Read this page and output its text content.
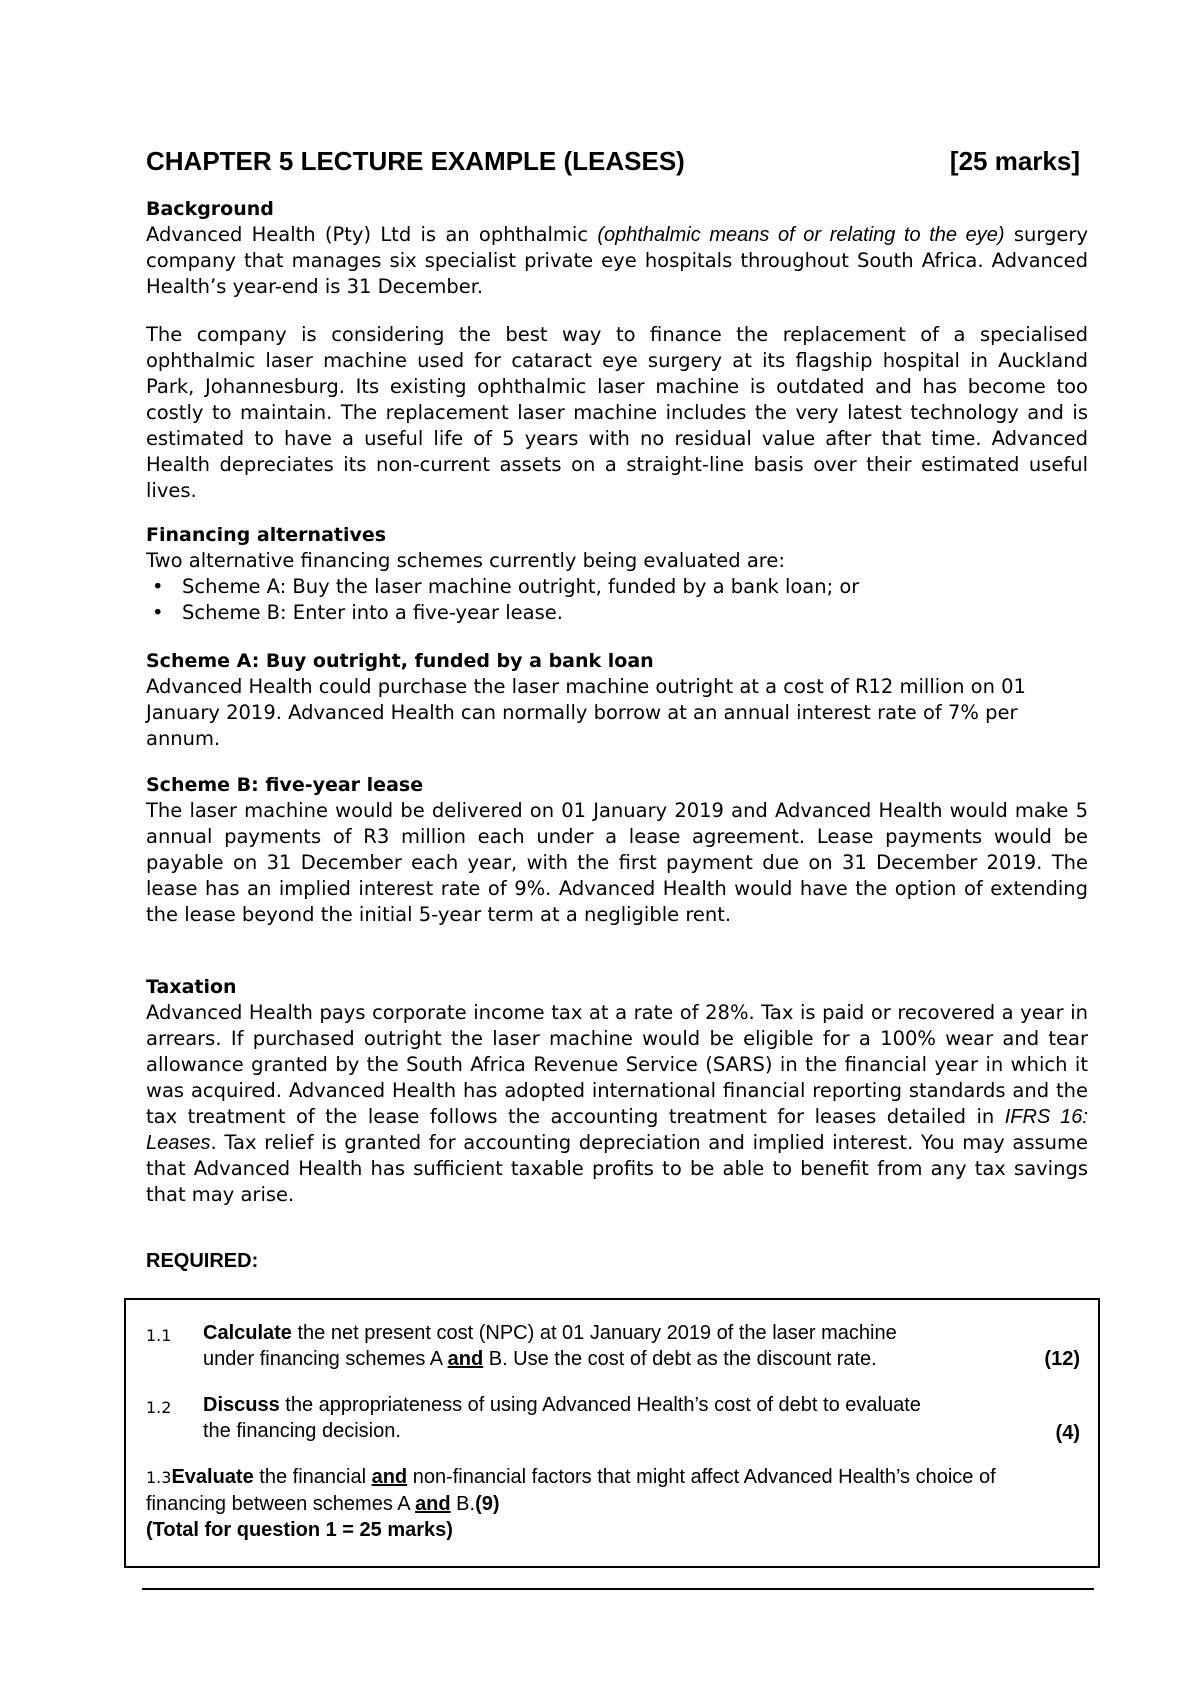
CHAPTER 5 LECTURE EXAMPLE (LEASES)	[25 marks]
Background
Advanced Health (Pty) Ltd is an ophthalmic (ophthalmic means of or relating to the eye) surgery company that manages six specialist private eye hospitals throughout South Africa. Advanced Health’s year-end is 31 December.
The company is considering the best way to finance the replacement of a specialised ophthalmic laser machine used for cataract eye surgery at its flagship hospital in Auckland Park, Johannesburg. Its existing ophthalmic laser machine is outdated and has become too costly to maintain. The replacement laser machine includes the very latest technology and is estimated to have a useful life of 5 years with no residual value after that time. Advanced Health depreciates its non-current assets on a straight-line basis over their estimated useful lives.
Financing alternatives
Two alternative financing schemes currently being evaluated are:
• Scheme A: Buy the laser machine outright, funded by a bank loan; or
• Scheme B: Enter into a five-year lease.
Scheme A: Buy outright, funded by a bank loan
Advanced Health could purchase the laser machine outright at a cost of R12 million on 01 January 2019. Advanced Health can normally borrow at an annual interest rate of 7% per annum.
Scheme B: five-year lease
The laser machine would be delivered on 01 January 2019 and Advanced Health would make 5 annual payments of R3 million each under a lease agreement. Lease payments would be payable on 31 December each year, with the first payment due on 31 December 2019. The lease has an implied interest rate of 9%. Advanced Health would have the option of extending the lease beyond the initial 5-year term at a negligible rent.
Taxation
Advanced Health pays corporate income tax at a rate of 28%. Tax is paid or recovered a year in arrears. If purchased outright the laser machine would be eligible for a 100% wear and tear allowance granted by the South Africa Revenue Service (SARS) in the financial year in which it was acquired. Advanced Health has adopted international financial reporting standards and the tax treatment of the lease follows the accounting treatment for leases detailed in IFRS 16: Leases. Tax relief is granted for accounting depreciation and implied interest. You may assume that Advanced Health has sufficient taxable profits to be able to benefit from any tax savings that may arise.
REQUIRED:
1.1 Calculate the net present cost (NPC) at 01 January 2019 of the laser machine
under financing schemes A and B. Use the cost of debt as the discount rate.	(12)
1.2 Discuss the appropriateness of using Advanced Health’s cost of debt to evaluate
the financing decision.	(4)
1.3Evaluate the financial and non-financial factors that might affect Advanced Health’s choice of
financing between schemes A and B.(9)
(Total for question 1 = 25 marks)
